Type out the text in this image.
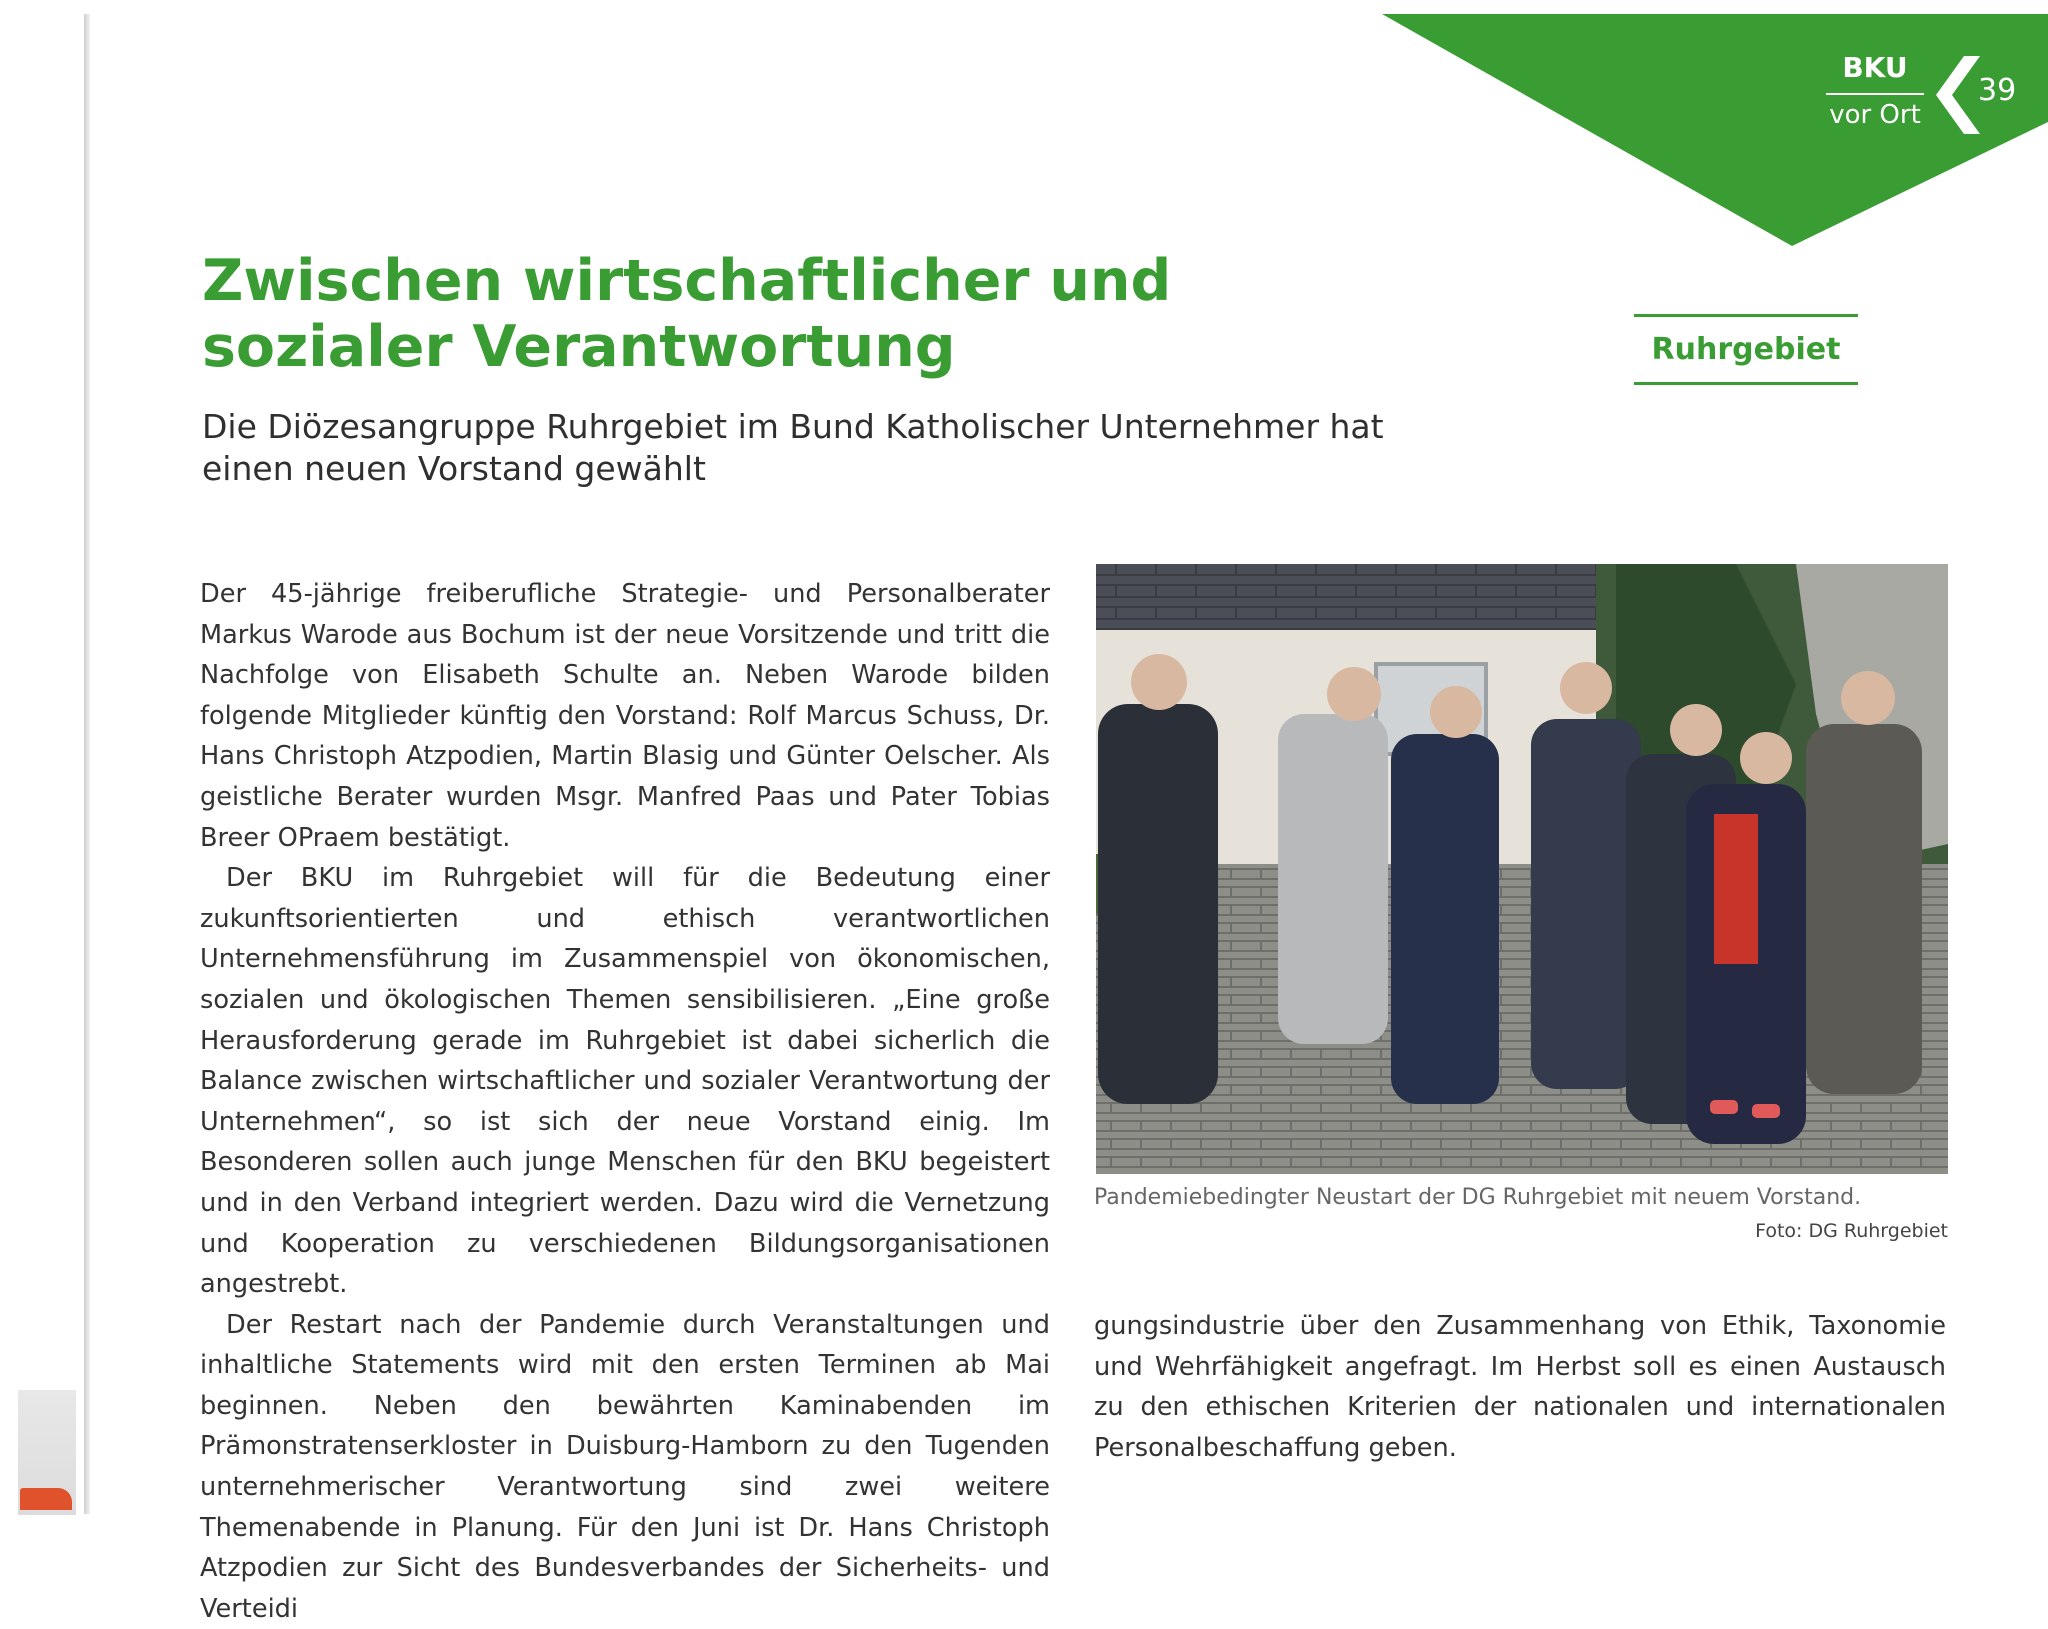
BKU
vor Ort
39
Zwischen wirtschaftlicher und sozialer Verantwortung
Die Diözesangruppe Ruhrgebiet im Bund Katholischer Unternehmer hat einen neuen Vorstand gewählt
Ruhrgebiet

Der 45-jährige freiberufliche Strategie- und Personalberater Markus Warode aus Bochum ist der neue Vorsitzende und tritt die Nachfolge von Elisabeth Schulte an. Neben Warode bilden folgende Mitglieder künftig den Vorstand: Rolf Marcus Schuss, Dr. Hans Christoph Atzpodien, Martin Blasig und Günter Oelscher. Als geistliche Berater wurden Msgr. Manfred Paas und Pater Tobias Breer OPraem bestätigt.

Der BKU im Ruhrgebiet will für die Bedeutung einer zukunftsorientierten und ethisch verantwortlichen Unternehmensführung im Zusammenspiel von ökonomischen, sozialen und ökologischen Themen sensibilisieren. „Eine große Herausforderung gerade im Ruhrgebiet ist dabei sicherlich die Balance zwischen wirtschaftlicher und sozialer Verantwortung der Unternehmen“, so ist sich der neue Vorstand einig. Im Besonderen sollen auch junge Menschen für den BKU begeistert und in den Verband integriert werden. Dazu wird die Vernetzung und Kooperation zu verschiedenen Bildungsorganisationen angestrebt.

Der Restart nach der Pandemie durch Veranstaltungen und inhaltliche Statements wird mit den ersten Terminen ab Mai beginnen. Neben den bewährten Kaminabenden im Prämonstratenserkloster in Duisburg-Hamborn zu den Tugenden unternehmerischer Verantwortung sind zwei weitere Themenabende in Planung. Für den Juni ist Dr. Hans Christoph Atzpodien zur Sicht des Bundesverbandes der Sicherheits- und Verteidi

Pandemiebedingter Neustart der DG Ruhrgebiet mit neuem Vorstand.
Foto: DG Ruhrgebiet

gungsindustrie über den Zusammenhang von Ethik, Taxonomie und Wehrfähigkeit angefragt. Im Herbst soll es einen Austausch zu den ethischen Kriterien der nationalen und internationalen Personalbeschaffung geben.
